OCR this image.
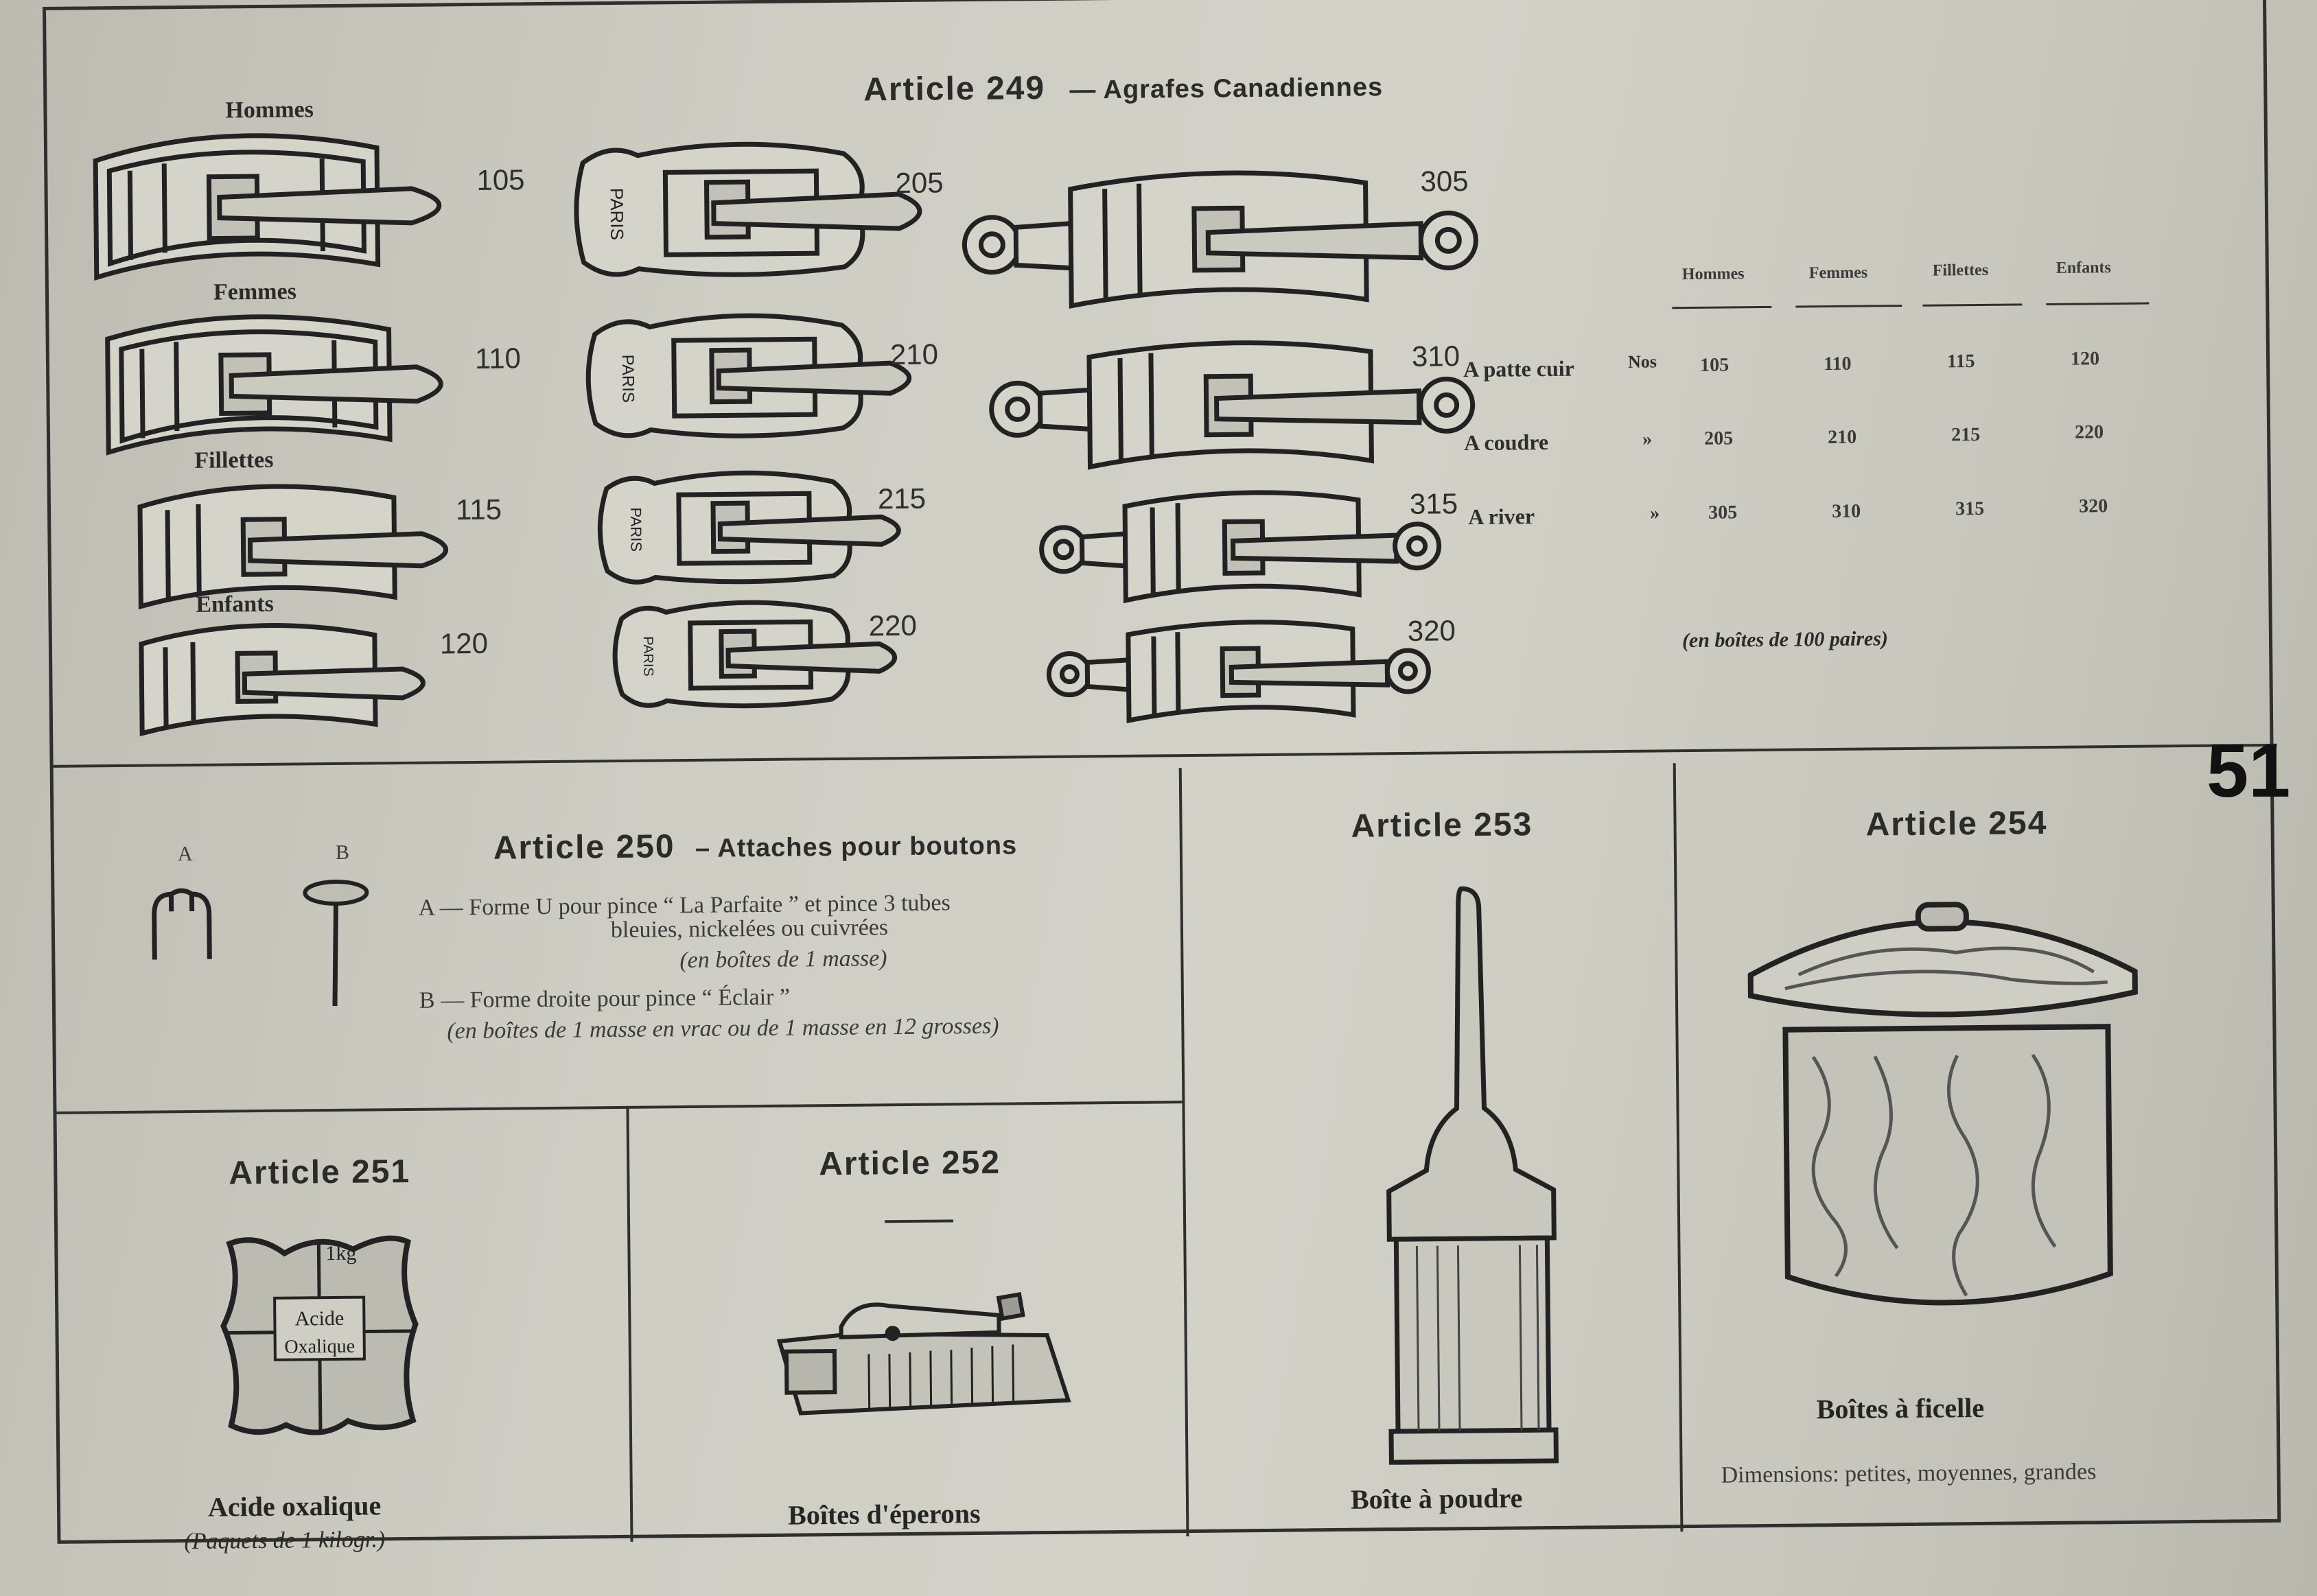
Article 249 — Agrafes Canadiennes
Hommes
Femmes
Fillettes
Enfants
105
110
115
120
PARIS
205
PARIS
210
PARIS
215
PARIS
220
305
310
315
320
Hommes	Femmes	Fillettes	Enfants
A patte cuir	Nos 105	110	115	120
A coudre	»	205	210	215	220
A river	»	305	310	315	320
(en boîtes de 100 paires)
Article 250 – Attaches pour boutons
A	B
A — Forme U pour pince “ La Parfaite ” et pince 3 tubes
bleuies, nickelées ou cuivrées
(en boîtes de 1 masse)
B — Forme droite pour pince “ Éclair ”
(en boîtes de 1 masse en vrac ou de 1 masse en 12 grosses)
Article 251
1kg
Acide
Oxalique
Acide oxalique
(Paquets de 1 kilogr.)
Article 252
Boîtes d'éperons
Article 253
Boîte à poudre
Article 254
Boîtes à ficelle
Dimensions: petites, moyennes, grandes
51
